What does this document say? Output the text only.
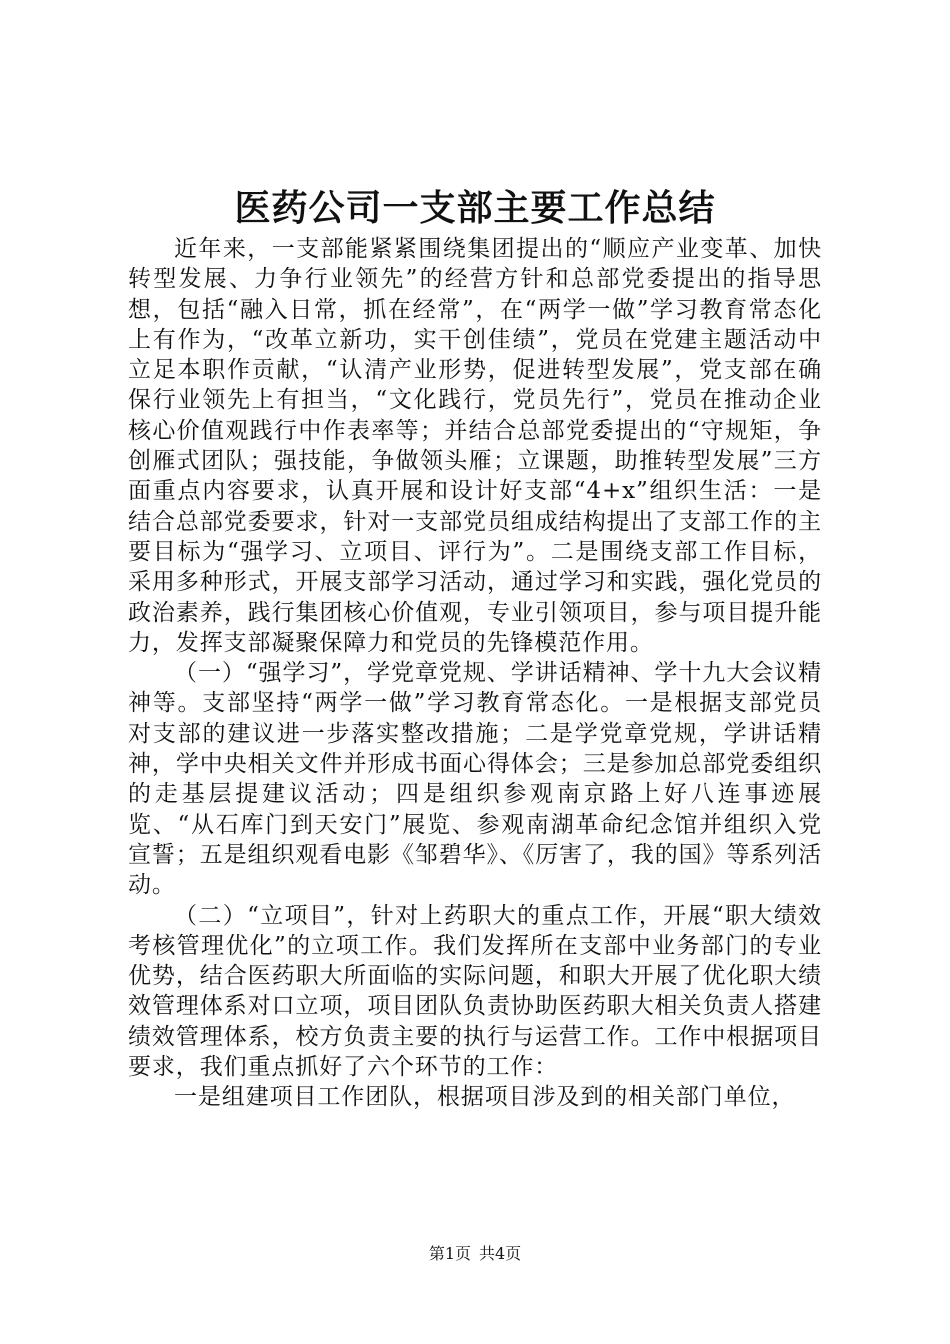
医药公司一支部主要工作总结

近年来，一支部能紧紧围绕集团提出的“顺应产业变革、加快转型发展、力争行业领先”的经营方针和总部党委提出的指导思想，包括“融入日常，抓在经常”，在“两学一做”学习教育常态化上有作为，“改革立新功，实干创佳绩”，党员在党建主题活动中立足本职作贡献，“认清产业形势，促进转型发展”，党支部在确保行业领先上有担当，“文化践行，党员先行”，党员在推动企业核心价值观践行中作表率等；并结合总部党委提出的“守规矩，争创雁式团队；强技能，争做领头雁；立课题，助推转型发展”三方面重点内容要求，认真开展和设计好支部“4+x”组织生活：一是结合总部党委要求，针对一支部党员组成结构提出了支部工作的主要目标为“强学习、立项目、评行为”。二是围绕支部工作目标，采用多种形式，开展支部学习活动，通过学习和实践，强化党员的政治素养，践行集团核心价值观，专业引领项目，参与项目提升能力，发挥支部凝聚保障力和党员的先锋模范作用。

（一）“强学习”，学党章党规、学讲话精神、学十九大会议精神等。支部坚持“两学一做”学习教育常态化。一是根据支部党员对支部的建议进一步落实整改措施；二是学党章党规，学讲话精神，学中央相关文件并形成书面心得体会；三是参加总部党委组织的走基层提建议活动；四是组织参观南京路上好八连事迹展览、“从石库门到天安门”展览、参观南湖革命纪念馆并组织入党宣誓；五是组织观看电影《邹碧华》、《厉害了，我的国》等系列活动。

（二）“立项目”，针对上药职大的重点工作，开展“职大绩效考核管理优化”的立项工作。我们发挥所在支部中业务部门的专业优势，结合医药职大所面临的实际问题，和职大开展了优化职大绩效管理体系对口立项，项目团队负责协助医药职大相关负责人搭建绩效管理体系，校方负责主要的执行与运营工作。工作中根据项目要求，我们重点抓好了六个环节的工作：

一是组建项目工作团队，根据项目涉及到的相关部门单位，

第1页 共4页
